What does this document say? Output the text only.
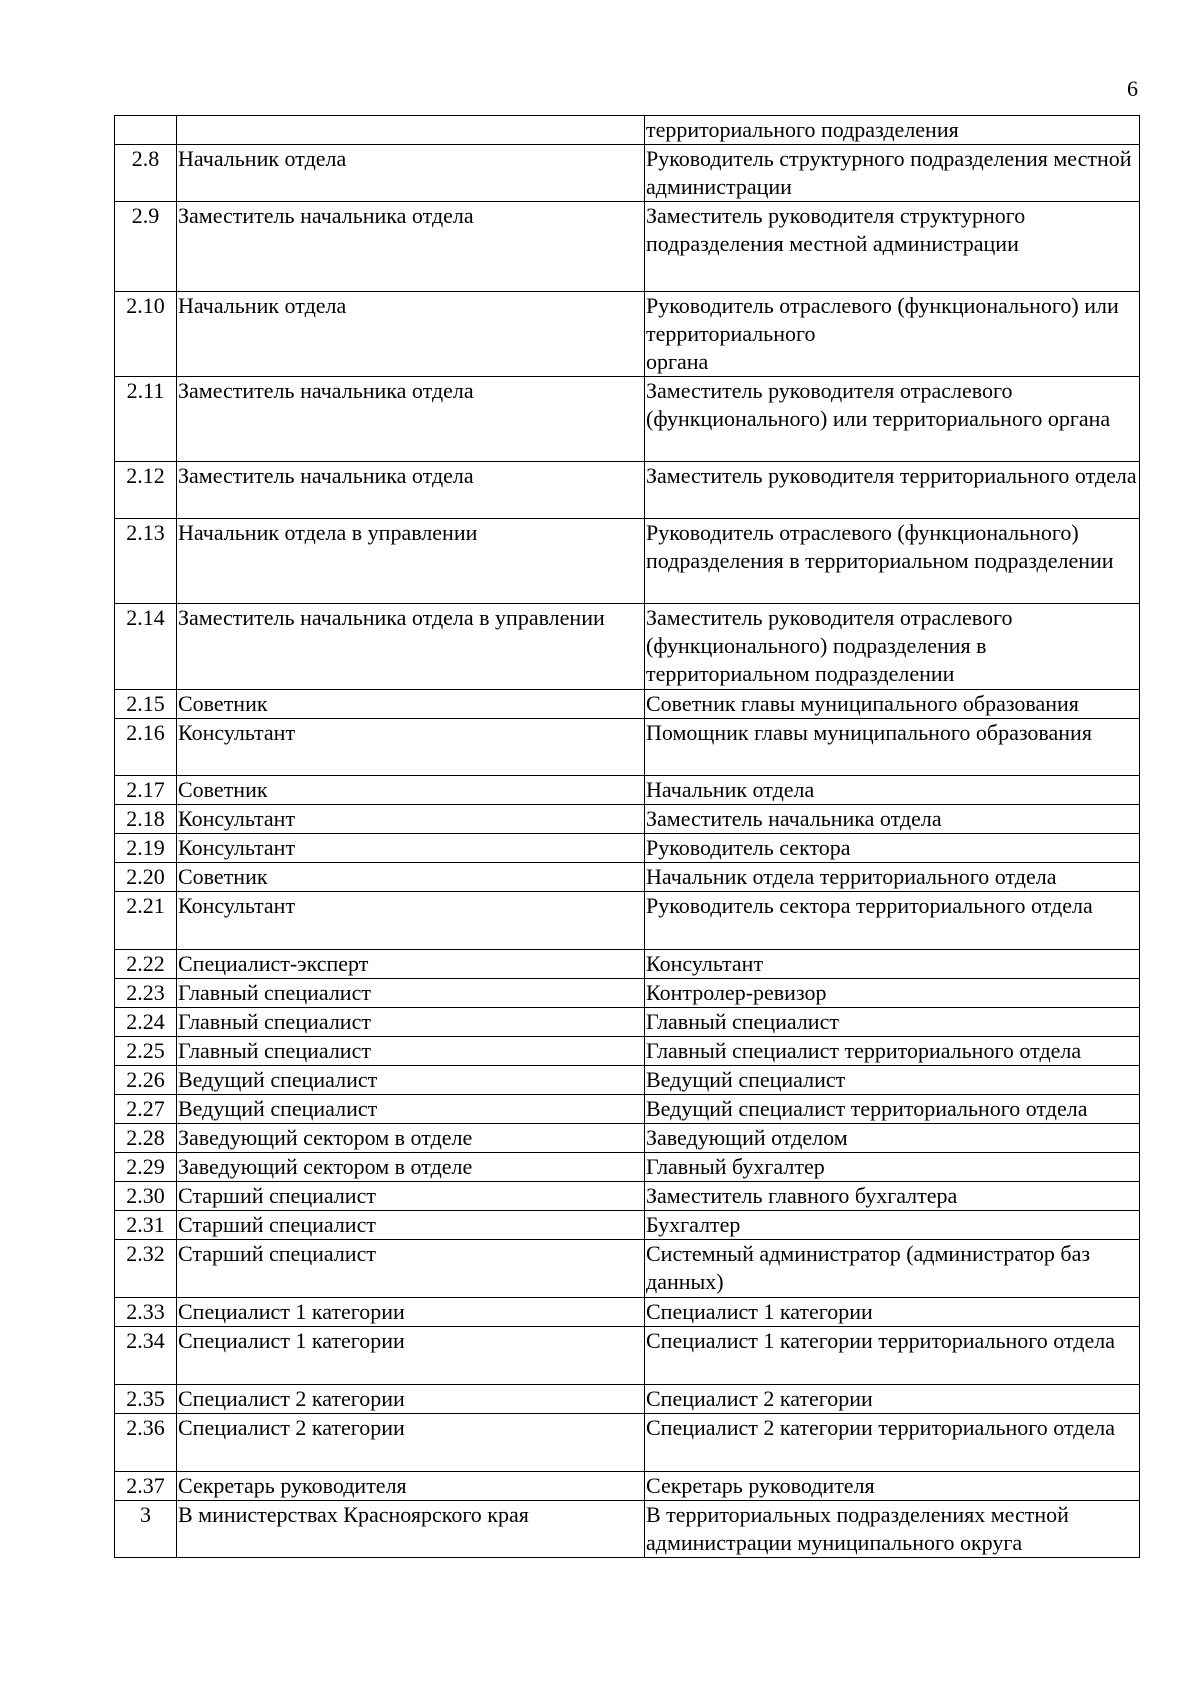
6
		территориального подразделения
2.8	Начальник отдела	Руководитель структурного подразделения местной администрации
2.9	Заместитель начальника отдела	Заместитель руководителя структурного подразделения местной администрации
2.10	Начальник отдела	Руководитель отраслевого (функционального) или территориального
органа
2.11	Заместитель начальника отдела	Заместитель руководителя отраслевого (функционального) или территориального органа
2.12	Заместитель начальника отдела	Заместитель руководителя территориального отдела
2.13	Начальник отдела в управлении	Руководитель отраслевого (функционального) подразделения в территориальном подразделении
2.14	Заместитель начальника отдела в управлении	Заместитель руководителя отраслевого (функционального) подразделения в территориальном подразделении
2.15	Советник	Советник главы муниципального образования
2.16	Консультант	Помощник главы муниципального образования
2.17	Советник	Начальник отдела
2.18	Консультант	Заместитель начальника отдела
2.19	Консультант	Руководитель сектора
2.20	Советник	Начальник отдела территориального отдела
2.21	Консультант	Руководитель сектора территориального отдела
2.22	Специалист-эксперт	Консультант
2.23	Главный специалист	Контролер-ревизор
2.24	Главный специалист	Главный специалист
2.25	Главный специалист	Главный специалист территориального отдела
2.26	Ведущий специалист	Ведущий специалист
2.27	Ведущий специалист	Ведущий специалист территориального отдела
2.28	Заведующий сектором в отделе	Заведующий отделом
2.29	Заведующий сектором в отделе	Главный бухгалтер
2.30	Старший специалист	Заместитель главного бухгалтера
2.31	Старший специалист	Бухгалтер
2.32	Старший специалист	Системный администратор (администратор баз данных)
2.33	Специалист 1 категории	Специалист 1 категории
2.34	Специалист 1 категории	Специалист 1 категории территориального отдела
2.35	Специалист 2 категории	Специалист 2 категории
2.36	Специалист 2 категории	Специалист 2 категории территориального отдела
2.37	Секретарь руководителя	Секретарь руководителя
3	В министерствах Красноярского края	В территориальных подразделениях местной администрации муниципального округа
